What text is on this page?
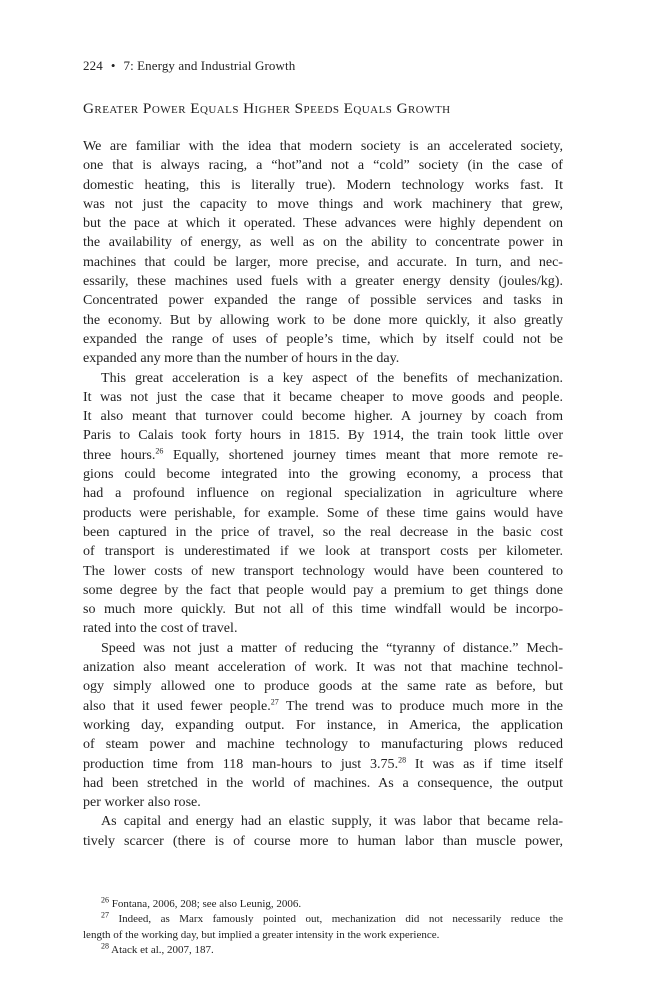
224 • 7: Energy and Industrial Growth
Greater Power Equals Higher Speeds Equals Growth

We are familiar with the idea that modern society is an accelerated society,

one that is always racing, a “hot”and not a “cold” society (in the case of

domestic heating, this is literally true). Modern technology works fast. It

was not just the capacity to move things and work machinery that grew,

but the pace at which it operated. These advances were highly dependent on

the availability of energy, as well as on the ability to concentrate power in

machines that could be larger, more precise, and accurate. In turn, and nec-

essarily, these machines used fuels with a greater energy density (joules/kg).

Concentrated power expanded the range of possible services and tasks in

the economy. But by allowing work to be done more quickly, it also greatly

expanded the range of uses of people’s time, which by itself could not be

expanded any more than the number of hours in the day.

This great acceleration is a key aspect of the benefits of mechanization.

It was not just the case that it became cheaper to move goods and people.

It also meant that turnover could become higher. A journey by coach from

Paris to Calais took forty hours in 1815. By 1914, the train took little over

three hours.$^{26}$ Equally, shortened journey times meant that more remote re-

gions could become integrated into the growing economy, a process that

had a profound influence on regional specialization in agriculture where

products were perishable, for example. Some of these time gains would have

been captured in the price of travel, so the real decrease in the basic cost

of transport is underestimated if we look at transport costs per kilometer.

The lower costs of new transport technology would have been countered to

some degree by the fact that people would pay a premium to get things done

so much more quickly. But not all of this time windfall would be incorpo-

rated into the cost of travel.

Speed was not just a matter of reducing the “tyranny of distance.” Mech-

anization also meant acceleration of work. It was not that machine technol-

ogy simply allowed one to produce goods at the same rate as before, but

also that it used fewer people.$^{27}$ The trend was to produce much more in the

working day, expanding output. For instance, in America, the application

of steam power and machine technology to manufacturing plows reduced

production time from 118 man-hours to just 3.75.28 It was as if time itself

had been stretched in the world of machines. As a consequence, the output

per worker also rose.

As capital and energy had an elastic supply, it was labor that became rela-

tively scarcer (there is of course more to human labor than muscle power,

$^{26}$ Fontana, 2006, 208; see also Leunig, 2006.

$^{27}$ Indeed, as Marx famously pointed out, mechanization did not necessarily reduce the

length of the working day, but implied a greater intensity in the work experience.

$^{28}$ Atack et al., 2007, 187.
